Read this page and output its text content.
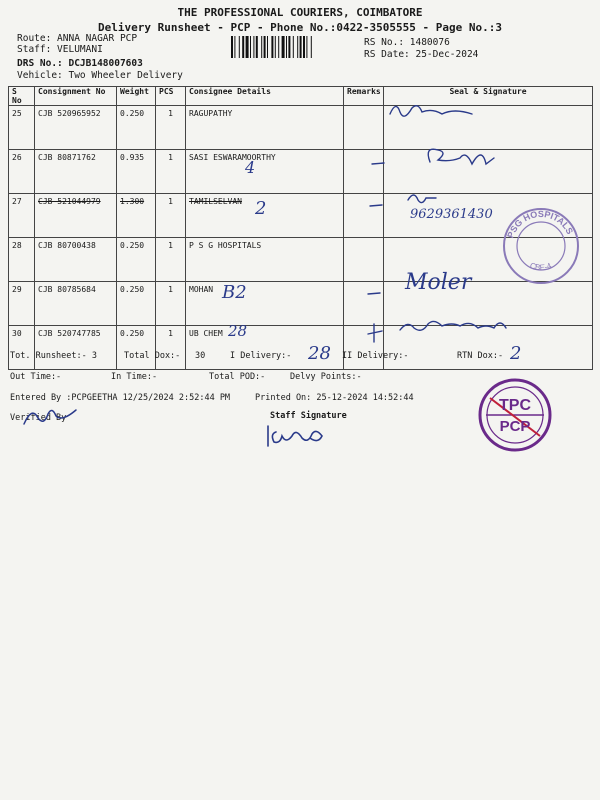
THE PROFESSIONAL COURIERS, COIMBATORE
Delivery Runsheet - PCP - Phone No.:0422-3505555 - Page No.:3
Route: ANNA NAGAR PCP
Staff: VELUMANI
DRS No.: DCJB148007603
Vehicle: Two Wheeler Delivery
RS No.: 1480076
RS Date: 25-Dec-2024
S No	Consignment No	Weight	PCS	Consignee Details	Remarks	Seal & Signature
25	CJB 520965952	0.250	1	RAGUPATHY		
26	CJB 80871762	0.935	1	SASI ESWARAMOORTHY		
27	CJB 521044979	1.300	1	TAMILSELVAN		
28	CJB 80700438	0.250	1	P S G HOSPITALS		
29	CJB 80785684	0.250	1	MOHAN		
30	CJB 520747785	0.250	1	UB CHEM		
4
2	9629361430
B2	Moler
28
PSG HOSPITALS
CBE-4
Tot. Runsheet:- 3	Total Dox:- 30	I Delivery:- 28 II Delivery:-	RTN Dox:- 2
Out Time:-	In Time:-	Total POD:-	Delvy Points:-
Entered By :PCPGEETHA 12/25/2024 2:52:44 PM	Printed On: 25-12-2024 14:52:44
Verified By	Staff Signature
TPC
PCP
